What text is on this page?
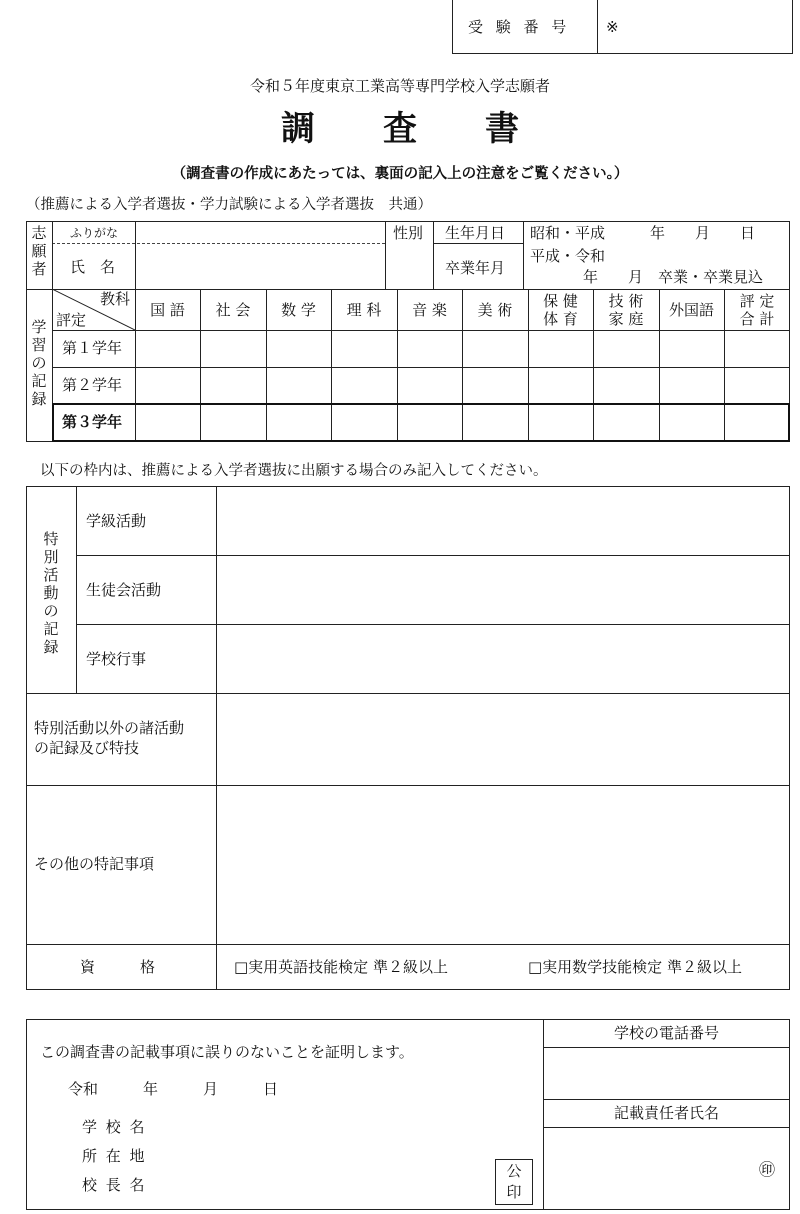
受 験 番 号 ※
令和５年度東京工業高等専門学校入学志願者
調　　査　　書
（調査書の作成にあたっては、裏面の記入上の注意をご覧ください。）
（推薦による入学者選抜・学力試験による入学者選抜　共通）
志
願
者
ふりがな
氏　名
性別 生年月日 昭和・平成　　　年　　月　　日
卒業年月
平成・令和
年　　月　卒業・卒業見込
学
習
の
記
録
教科
評定
国 語 社 会 数 学 理 科 音 楽 美 術 保 健
体 育
技 術
家 庭 外国語 評 定
合 計
第１学年
第２学年
第３学年
以下の枠内は、推薦による入学者選抜に出願する場合のみ記入してください。
特
別
活
動
の
記
録
学級活動
生徒会活動
学校行事
特別活動以外の諸活動
の記録及び特技
その他の特記事項
資　　　格	□実用英語技能検定 準２級以上	□実用数学技能検定 準２級以上
この調査書の記載事項に誤りのないことを証明します。
令和　　　年　　　月　　　日
学 校 名
所 在 地
校 長 名
公
印
学校の電話番号
記載責任者氏名
㊞
